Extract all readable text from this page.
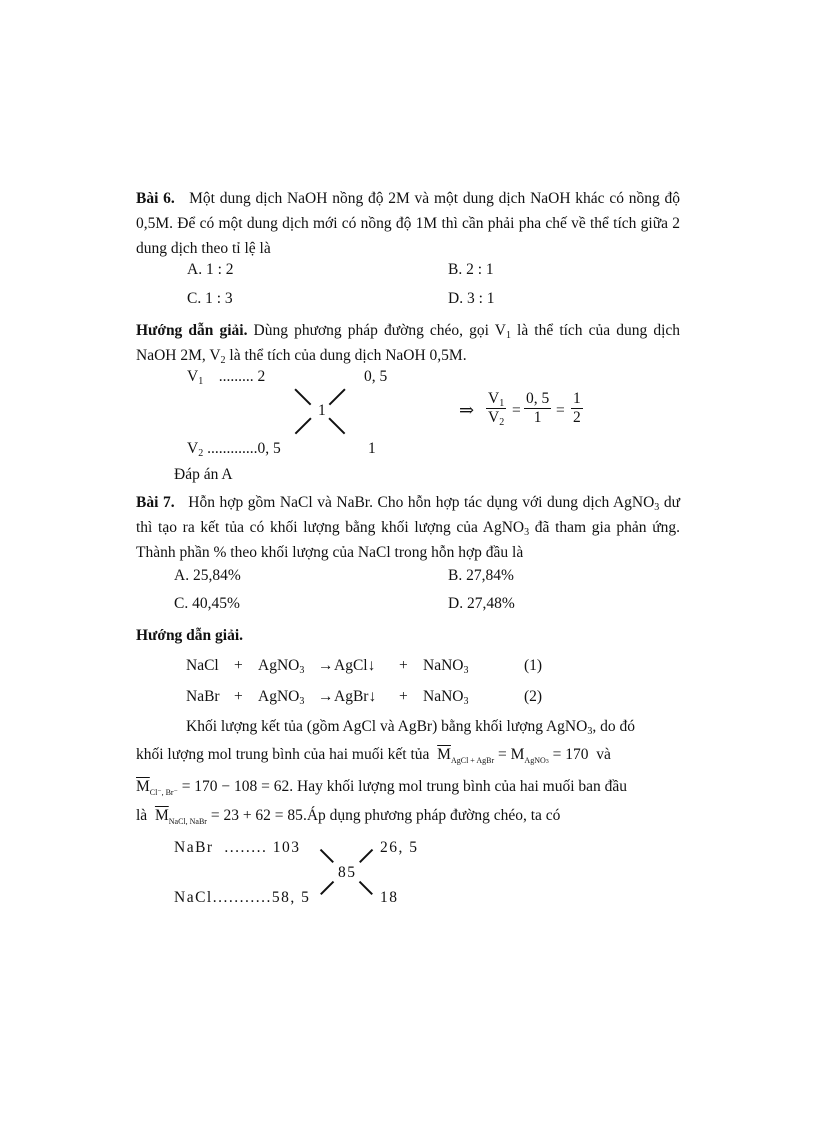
Bài 6. Một dung dịch NaOH nồng độ 2M và một dung dịch NaOH khác có nồng độ 0,5M. Để có một dung dịch mới có nồng độ 1M thì cần phải pha chế về thể tích giữa 2 dung dịch theo tỉ lệ là
A. 1 : 2	B. 2 : 1
C. 1 : 3	D. 3 : 1
Hướng dẫn giải. Dùng phương pháp đường chéo, gọi $V_1$ là thể tích của dung dịch NaOH 2M, $V_2$ là thể tích của dung dịch NaOH 0,5M.
$V_1$ ......... 2	0, 5
1
$V_2$ .............0, 5	1
⇒ $\frac{V_1}{V_2} = \frac{0, 5}{1} = \frac{1}{2}$
Đáp án A
Bài 7. Hỗn hợp gồm NaCl và NaBr. Cho hỗn hợp tác dụng với dung dịch AgNO$_3$ dư thì tạo ra kết tủa có khối lượng bằng khối lượng của AgNO$_3$ đã tham gia phản ứng. Thành phần % theo khối lượng của NaCl trong hỗn hợp đầu là
A. 25,84%	B. 27,84%
C. 40,45%	D. 27,48%
Hướng dẫn giải.
NaCl + AgNO$_3$ → AgCl↓ + NaNO$_3$	(1)
NaBr + AgNO$_3$ → AgBr↓ + NaNO$_3$	(2)
Khối lượng kết tủa (gồm AgCl và AgBr) bằng khối lượng AgNO$_3$, do đó
khối lượng mol trung bình của hai muối kết tủa $\overline{M}_{AgCl + AgBr} = M_{AgNO3} = 170$ và
$\overline{M}_{Cl^-, Br^-} = 170 - 108 = 62$. Hay khối lượng mol trung bình của hai muối ban đầu
là $\overline{M}_{NaCl, NaBr} = 23 + 62$ = 85.Áp dụng phương pháp đường chéo, ta có
NaBr ........ 103	26, 5
85
NaCl...........58, 5	18
